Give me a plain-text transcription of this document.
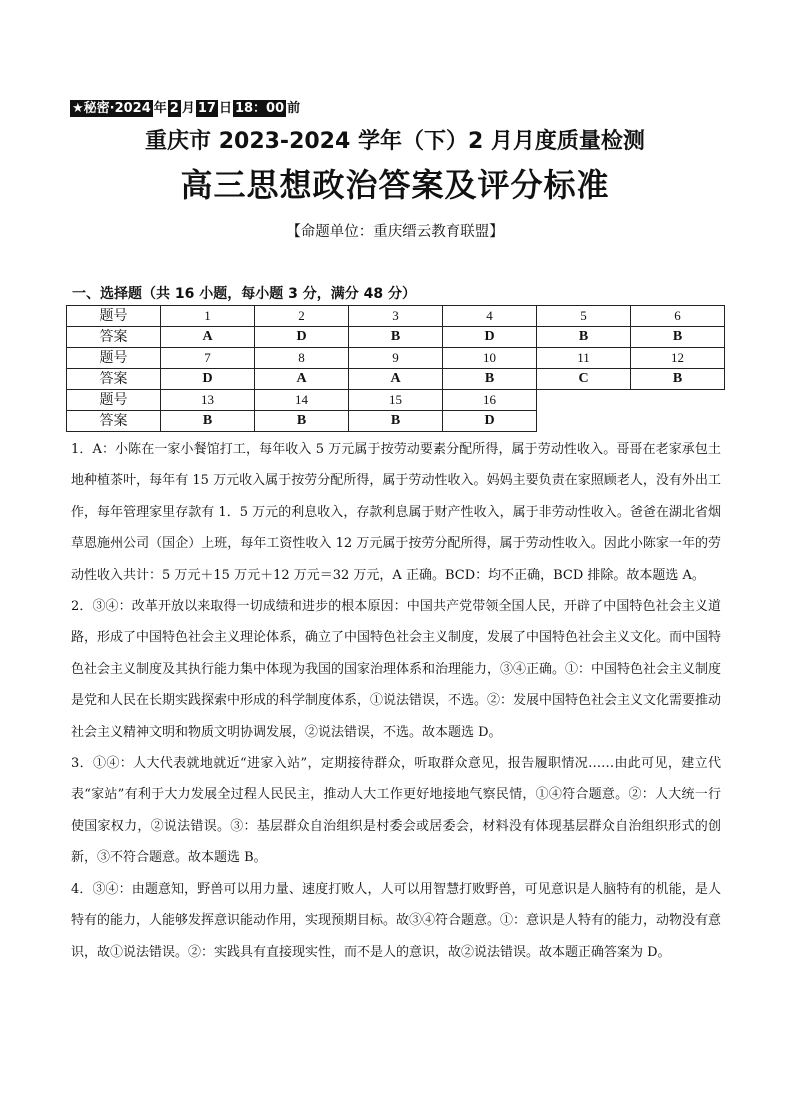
★秘密·2024 年 2 月 17 日 18：00 前
重庆市 2023-2024 学年（下）2 月月度质量检测
高三思想政治答案及评分标准
【命题单位：重庆缙云教育联盟】
一、选择题（共 16 小题，每小题 3 分，满分 48 分）
题号	1	2	3	4	5	6
答案	A	D	B	D	B	B
题号	7	8	9	10	11	12
答案	D	A	A	B	C	B
题号	13	14	15	16		
答案	B	B	B	D		

1．A：小陈在一家小餐馆打工，每年收入 5 万元属于按劳动要素分配所得，属于劳动性收入。哥哥在老家承包土地种植茶叶，每年有 15 万元收入属于按劳分配所得，属于劳动性收入。妈妈主要负责在家照顾老人，没有外出工作，每年管理家里存款有 1．5 万元的利息收入，存款利息属于财产性收入，属于非劳动性收入。爸爸在湖北省烟草恩施州公司（国企）上班，每年工资性收入 12 万元属于按劳分配所得，属于劳动性收入。因此小陈家一年的劳动性收入共计：5 万元＋15 万元＋12 万元＝32 万元，A 正确。BCD：均不正确，BCD 排除。故本题选 A。

2．③④：改革开放以来取得一切成绩和进步的根本原因：中国共产党带领全国人民，开辟了中国特色社会主义道路，形成了中国特色社会主义理论体系，确立了中国特色社会主义制度，发展了中国特色社会主义文化。而中国特色社会主义制度及其执行能力集中体现为我国的国家治理体系和治理能力，③④正确。①：中国特色社会主义制度是党和人民在长期实践探索中形成的科学制度体系，①说法错误，不选。②：发展中国特色社会主义文化需要推动社会主义精神文明和物质文明协调发展，②说法错误，不选。故本题选 D。

3．①④：人大代表就地就近“进家入站”，定期接待群众，听取群众意见，报告履职情况……由此可见，建立代表“家站”有利于大力发展全过程人民民主，推动人大工作更好地接地气察民情，①④符合题意。②：人大统一行使国家权力，②说法错误。③：基层群众自治组织是村委会或居委会，材料没有体现基层群众自治组织形式的创新，③不符合题意。故本题选 B。

4．③④：由题意知，野兽可以用力量、速度打败人，人可以用智慧打败野兽，可见意识是人脑特有的机能，是人特有的能力，人能够发挥意识能动作用，实现预期目标。故③④符合题意。①：意识是人特有的能力，动物没有意识，故①说法错误。②：实践具有直接现实性，而不是人的意识，故②说法错误。故本题正确答案为 D。
